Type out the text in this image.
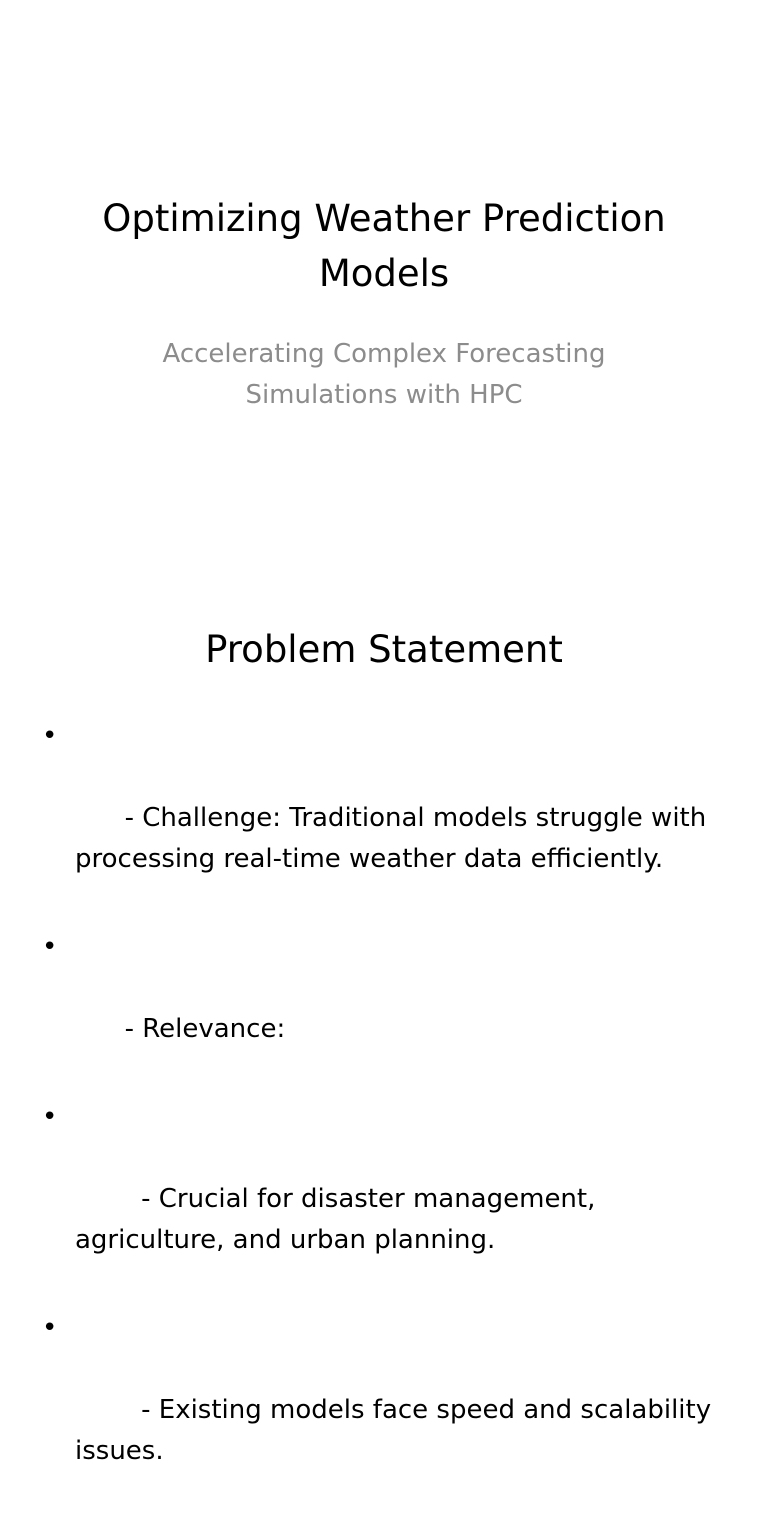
Optimizing Weather Prediction Models
Accelerating Complex Forecasting Simulations with HPC
Problem Statement

•

- Challenge: Traditional models struggle with processing real-time weather data efficiently.

•

- Relevance:

•

- Crucial for disaster management, agriculture, and urban planning.

•

- Existing models face speed and scalability issues.
